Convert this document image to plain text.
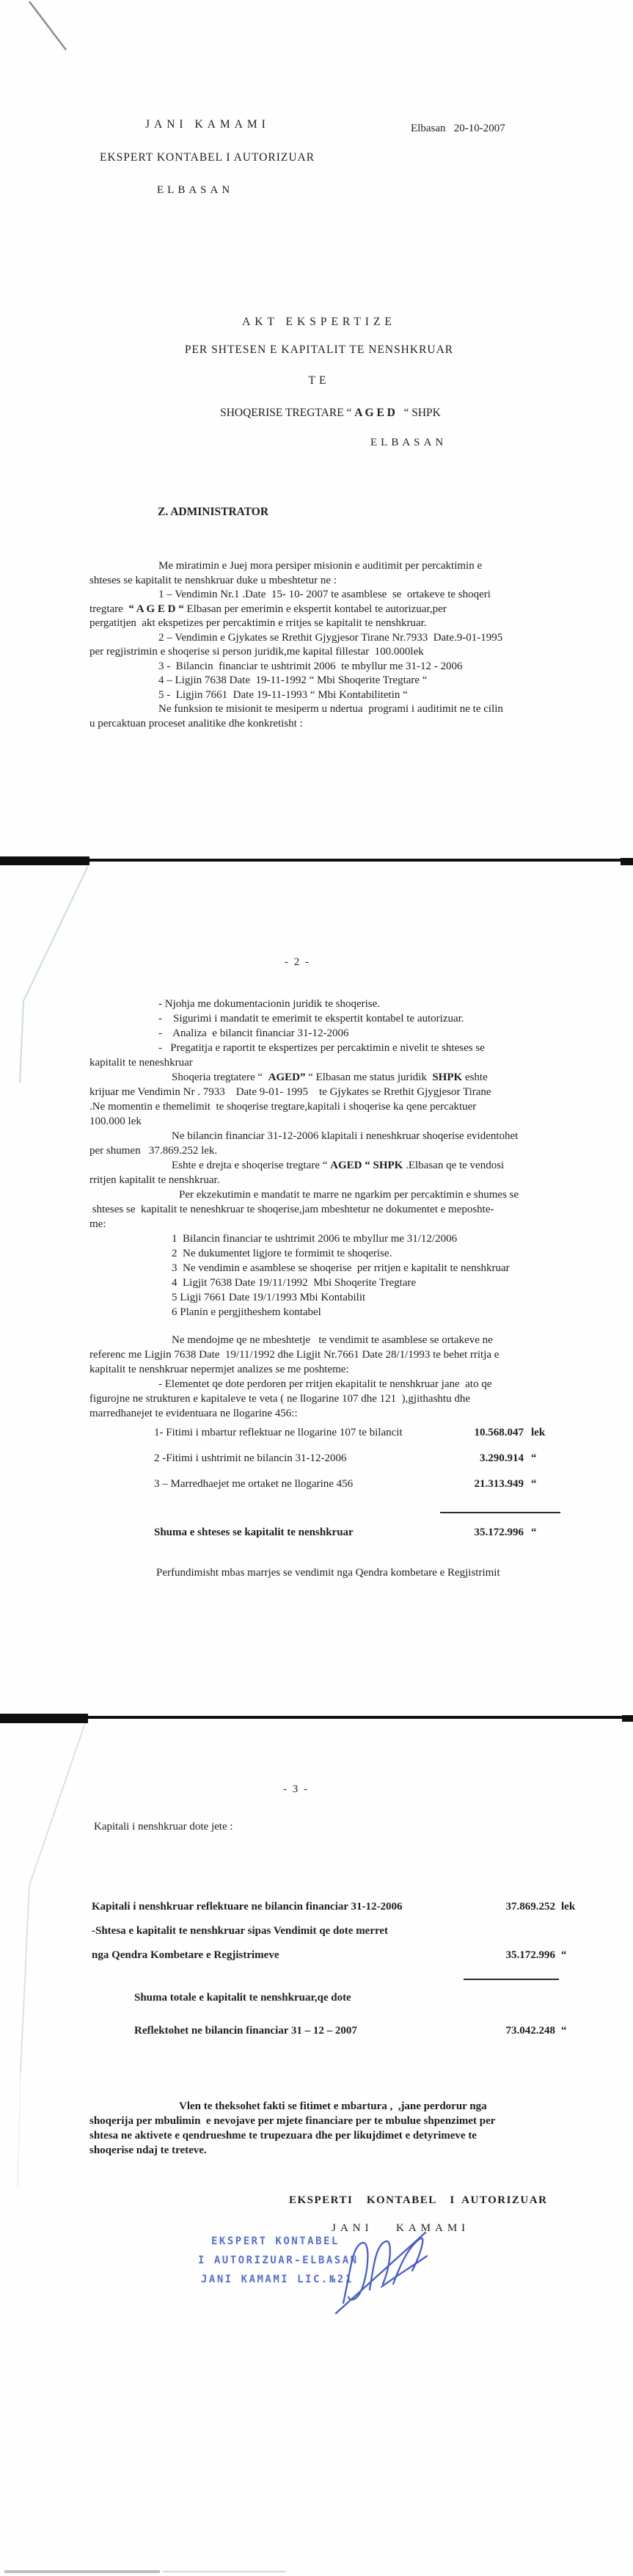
JANI KAMAMI	Elbasan   20-10-2007
EKSPERT KONTABEL I AUTORIZUAR
ELBASAN
AKT EKSPERTIZE
PER SHTESEN E KAPITALIT TE NENSHKRUAR
TE

SHOQERISE TREGTARE “ A G E D   “ SHPK

ELBASAN
Z. ADMINISTRATOR
Me miratimin e Juej mora persiper misionin e auditimit per percaktimin e
shteses se kapitalit te nenshkruar duke u mbeshtetur ne :
1 – Vendimin Nr.1 .Date  15- 10- 2007 te asamblese  se  ortakeve te shoqeri
tregtare  “ A G E D “ Elbasan per emerimin e ekspertit kontabel te autorizuar,per
pergatitjen  akt ekspetizes per percaktimin e rritjes se kapitalit te nenshkruar.
2 – Vendimin e Gjykates se Rrethit Gjygjesor Tirane Nr.7933  Date.9-01-1995
per regjistrimin e shoqerise si person juridik,me kapital fillestar  100.000lek
3 -  Bilancin  financiar te ushtrimit 2006  te mbyllur me 31-12 - 2006
4 – Ligjin 7638 Date  19-11-1992 “ Mbi Shoqerite Tregtare “
5 -  Ligjin 7661  Date 19-11-1993 “ Mbi Kontabilitetin “
Ne funksion te misionit te mesiperm u ndertua  programi i auditimit ne te cilin
u percaktuan proceset analitike dhe konkretisht :
- 2 -
- Njohja me dokumentacionin juridik te shoqerise.
-    Sigurimi i mandatit te emerimit te ekspertit kontabel te autorizuar.
-    Analiza  e bilancit financiar 31-12-2006
-   Pregatitja e raportit te ekspertizes per percaktimin e nivelit te shteses se
kapitalit te neneshkruar
Shoqeria tregtatere “  AGED” “ Elbasan me status juridik  SHPK eshte
krijuar me Vendimin Nr . 7933    Date 9-01- 1995    te Gjykates se Rrethit Gjygjesor Tirane
.Ne momentin e themelimit  te shoqerise tregtare,kapitali i shoqerise ka qene percaktuer
100.000 lek
Ne bilancin financiar 31-12-2006 klapitali i neneshkruar shoqerise evidentohet
per shumen   37.869.252 lek.
Eshte e drejta e shoqerise tregtare “ AGED “ SHPK .Elbasan qe te vendosi
rritjen kapitalit te nenshkruar.
Per ekzekutimin e mandatit te marre ne ngarkim per percaktimin e shumes se
shteses se  kapitalit te neneshkruar te shoqerise,jam mbeshtetur ne dokumentet e meposhte-
me:
1  Bilancin financiar te ushtrimit 2006 te mbyllur me 31/12/2006
2  Ne dukumentet ligjore te formimit te shoqerise.
3  Ne vendimin e asamblese se shoqerise  per rritjen e kapitalit te nenshkruar
4  Ligjit 7638 Date 19/11/1992  Mbi Shoqerite Tregtare
5 Ligji 7661 Date 19/1/1993 Mbi Kontabilit
6 Planin e pergjitheshem kontabel
Ne mendojme qe ne mbeshtetje   te vendimit te asamblese se ortakeve ne
referenc me Ligjin 7638 Date  19/11/1992 dhe Ligjit Nr.7661 Date 28/1/1993 te behet rritja e
kapitalit te nenshkruar nepermjet analizes se me poshteme:
- Elementet qe dote perdoren per rritjen ekapitalit te nenshkruar jane  ato qe
figurojne ne strukturen e kapitaleve te veta ( ne llogarine 107 dhe 121  ),gjithashtu dhe
marredhanejet te evidentuara ne llogarine 456::
1- Fitimi i mbartur reflektuar ne llogarine 107 te bilancit	10.568.047 lek
2 -Fitimi i ushtrimit ne bilancin 31-12-2006	3.290.914 “
3 – Marredhaejet me ortaket ne llogarine 456	21.313.949 “
Shuma e shteses se kapitalit te nenshkruar	35.172.996 “
Perfundimisht mbas marrjes se vendimit nga Qendra kombetare e Regjistrimit
- 3 -
Kapitali i nenshkruar dote jete :
Kapitali i nenshkruar reflektuare ne bilancin financiar 31-12-2006	37.869.252 lek
-Shtesa e kapitalit te nenshkruar sipas Vendimit qe dote merret
nga Qendra Kombetare e Regjistrimeve	35.172.996 “
Shuma totale e kapitalit te nenshkruar,qe dote
Reflektohet ne bilancin financiar 31 – 12 – 2007	73.042.248 “
Vlen te theksohet fakti se fitimet e mbartura ,  ,jane perdorur nga
shoqerija per mbulimin  e nevojave per mjete financiare per te mbulue shpenzimet per
shtesa ne aktivete e qendrueshme te trupezuara dhe per likujdimet e detyrimeve te
shoqerise ndaj te treteve.
EKSPERTI  KONTABEL  I AUTORIZUAR
JANI  KAMAMI
EKSPERT KONTABEL
I AUTORIZUAR-ELBASAN
JANI KAMAMI LIC.№21
